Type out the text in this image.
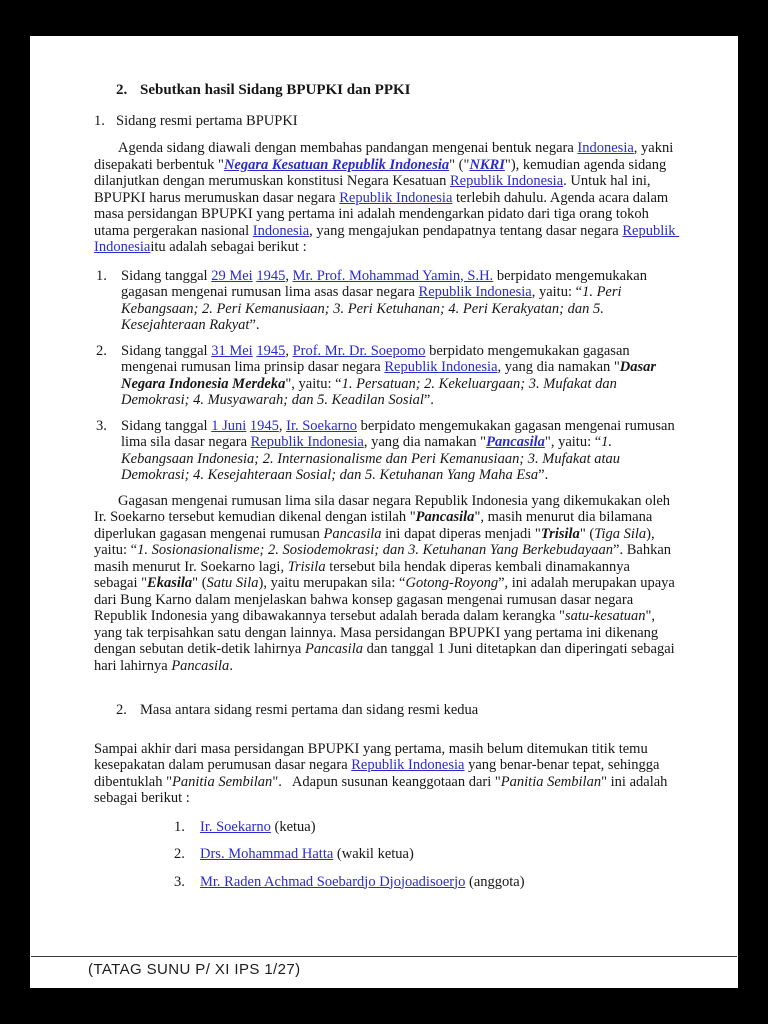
2. Sebutkan hasil Sidang BPUPKI dan PPKI
1. Sidang resmi pertama BPUPKI

Agenda sidang diawali dengan membahas pandangan mengenai bentuk negara Indonesia, yakni disepakati berbentuk "Negara Kesatuan Republik Indonesia" ("NKRI"), kemudian agenda sidang dilanjutkan dengan merumuskan konstitusi Negara Kesatuan Republik Indonesia. Untuk hal ini, BPUPKI harus merumuskan dasar negara Republik Indonesia terlebih dahulu. Agenda acara dalam masa persidangan BPUPKI yang pertama ini adalah mendengarkan pidato dari tiga orang tokoh utama pergerakan nasional Indonesia, yang mengajukan pendapatnya tentang dasar negara Republik Indonesiaitu adalah sebagai berikut :

1. Sidang tanggal 29 Mei 1945, Mr. Prof. Mohammad Yamin, S.H. berpidato mengemukakan gagasan mengenai rumusan lima asas dasar negara Republik Indonesia, yaitu: “1. Peri Kebangsaan; 2. Peri Kemanusiaan; 3. Peri Ketuhanan; 4. Peri Kerakyatan; dan 5. Kesejahteraan Rakyat”.
2. Sidang tanggal 31 Mei 1945, Prof. Mr. Dr. Soepomo berpidato mengemukakan gagasan mengenai rumusan lima prinsip dasar negara Republik Indonesia, yang dia namakan "Dasar Negara Indonesia Merdeka", yaitu: “1. Persatuan; 2. Kekeluargaan; 3. Mufakat dan Demokrasi; 4. Musyawarah; dan 5. Keadilan Sosial”.
3. Sidang tanggal 1 Juni 1945, Ir. Soekarno berpidato mengemukakan gagasan mengenai rumusan lima sila dasar negara Republik Indonesia, yang dia namakan "Pancasila", yaitu: “1. Kebangsaan Indonesia; 2. Internasionalisme dan Peri Kemanusiaan; 3. Mufakat atau Demokrasi; 4. Kesejahteraan Sosial; dan 5. Ketuhanan Yang Maha Esa”.

Gagasan mengenai rumusan lima sila dasar negara Republik Indonesia yang dikemukakan oleh Ir. Soekarno tersebut kemudian dikenal dengan istilah "Pancasila", masih menurut dia bilamana diperlukan gagasan mengenai rumusan Pancasila ini dapat diperas menjadi "Trisila" (Tiga Sila), yaitu: “1. Sosionasionalisme; 2. Sosiodemokrasi; dan 3. Ketuhanan Yang Berkebudayaan”. Bahkan masih menurut Ir. Soekarno lagi, Trisila tersebut bila hendak diperas kembali dinamakannya sebagai "Ekasila" (Satu Sila), yaitu merupakan sila: “Gotong-Royong”, ini adalah merupakan upaya dari Bung Karno dalam menjelaskan bahwa konsep gagasan mengenai rumusan dasar negara Republik Indonesia yang dibawakannya tersebut adalah berada dalam kerangka "satu-kesatuan", yang tak terpisahkan satu dengan lainnya. Masa persidangan BPUPKI yang pertama ini dikenang dengan sebutan detik-detik lahirnya Pancasila dan tanggal 1 Juni ditetapkan dan diperingati sebagai hari lahirnya Pancasila.

2. Masa antara sidang resmi pertama dan sidang resmi kedua

Sampai akhir dari masa persidangan BPUPKI yang pertama, masih belum ditemukan titik temu kesepakatan dalam perumusan dasar negara Republik Indonesia yang benar-benar tepat, sehingga dibentuklah "Panitia Sembilan".   Adapun susunan keanggotaan dari "Panitia Sembilan" ini adalah sebagai berikut :

1.	Ir. Soekarno (ketua)
2.	Drs. Mohammad Hatta (wakil ketua)
3.	Mr. Raden Achmad Soebardjo Djojoadisoerjo (anggota)
(TATAG SUNU P/ XI IPS 1/27)
